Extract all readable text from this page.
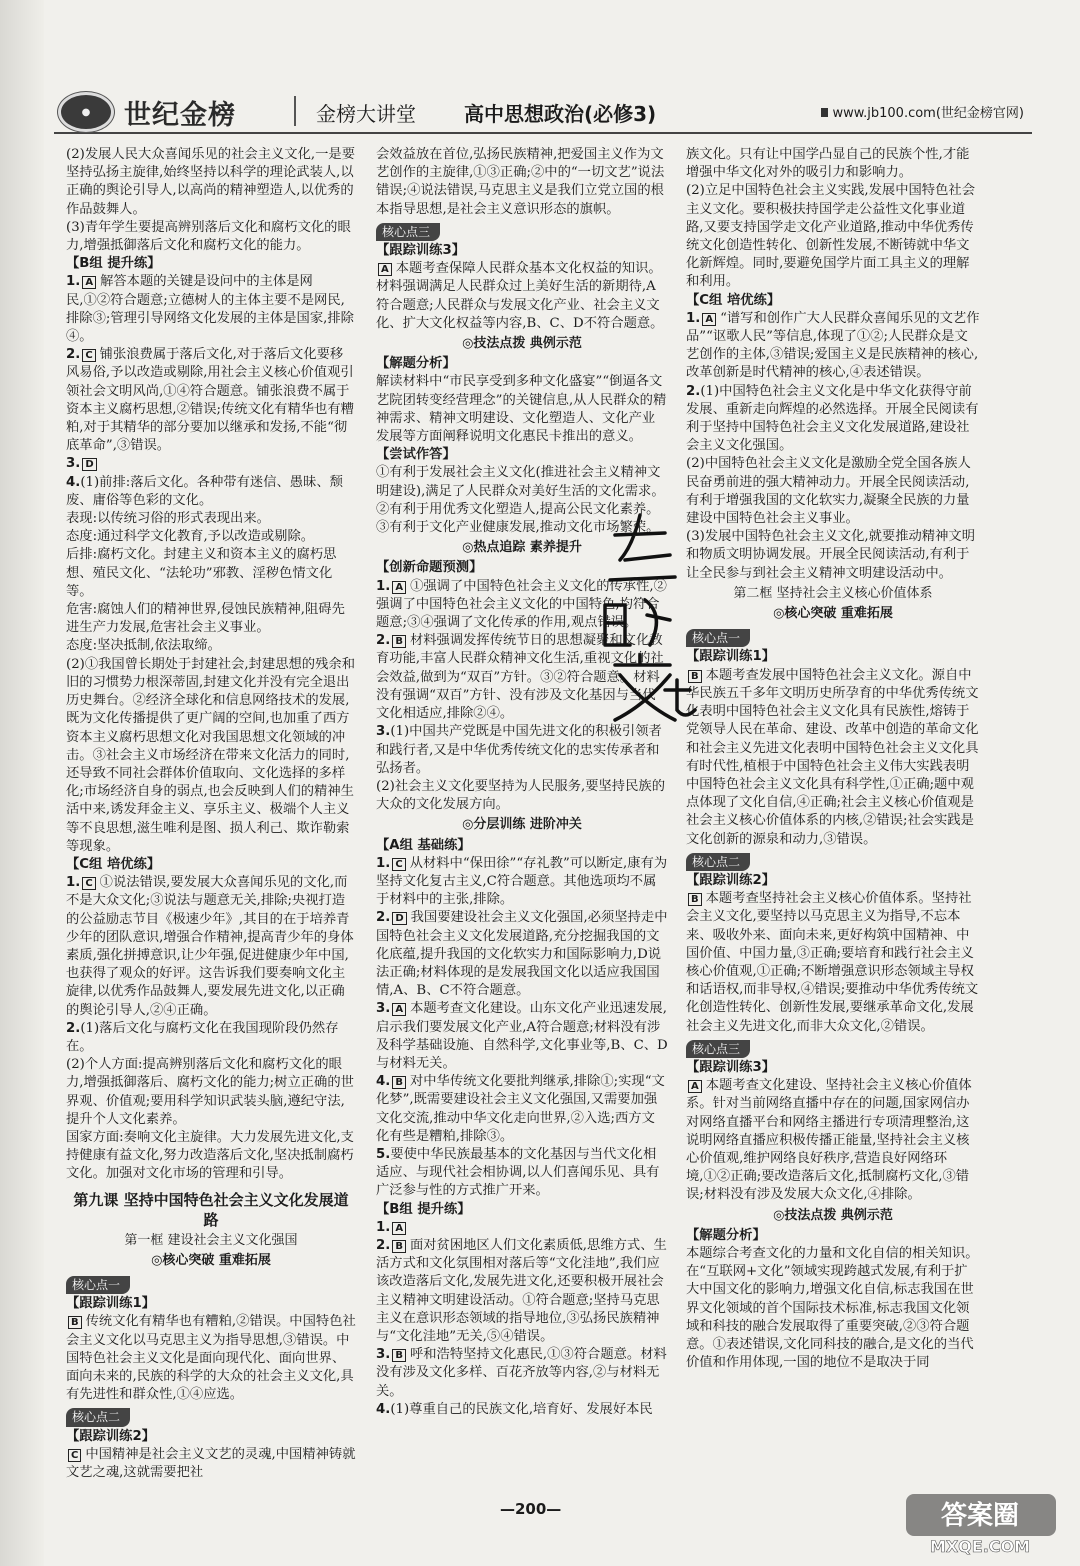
●	世纪金榜	金榜大讲堂 高中思想政治(必修3)	www.jb100.com(世纪金榜官网)

(2)发展人民大众喜闻乐见的社会主义文化,一是要坚持弘扬主旋律,始终坚持以科学的理论武装人,以正确的舆论引导人,以高尚的精神塑造人,以优秀的作品鼓舞人。

(3)青年学生要提高辨别落后文化和腐朽文化的眼力,增强抵御落后文化和腐朽文化的能力。

【B组 提升练】

1. A 解答本题的关键是设问中的主体是网民,①②符合题意;立德树人的主体主要不是网民,排除③;管理引导网络文化发展的主体是国家,排除④。

2. C 铺张浪费属于落后文化,对于落后文化要移风易俗,予以改造或剔除,用社会主义核心价值观引领社会文明风尚,①④符合题意。铺张浪费不属于资本主义腐朽思想,②错误;传统文化有精华也有糟粕,对于其精华的部分要加以继承和发扬,不能“彻底革命”,③错误。

3. D

4.(1)前排:落后文化。各种带有迷信、愚昧、颓废、庸俗等色彩的文化。

表现:以传统习俗的形式表现出来。

态度:通过科学文化教育,予以改造或剔除。

后排:腐朽文化。封建主义和资本主义的腐朽思想、殖民文化、“法轮功”邪教、淫秽色情文化等。

危害:腐蚀人们的精神世界,侵蚀民族精神,阻碍先进生产力发展,危害社会主义事业。

态度:坚决抵制,依法取缔。

(2)①我国曾长期处于封建社会,封建思想的残余和旧的习惯势力根深蒂固,封建文化并没有完全退出历史舞台。②经济全球化和信息网络技术的发展,既为文化传播提供了更广阔的空间,也加重了西方资本主义腐朽思想文化对我国思想文化领域的冲击。③社会主义市场经济在带来文化活力的同时,还导致不同社会群体价值取向、文化选择的多样化;市场经济自身的弱点,也会反映到人们的精神生活中来,诱发拜金主义、享乐主义、极端个人主义等不良思想,滋生唯利是图、损人利己、欺诈勒索等现象。

【C组 培优练】

1. C ①说法错误,要发展大众喜闻乐见的文化,而不是大众文化;③说法与题意无关,排除;央视打造的公益励志节目《极速少年》,其目的在于培养青少年的团队意识,增强合作精神,提高青少年的身体素质,强化拼搏意识,让少年强,促进健康少年中国,也获得了观众的好评。这告诉我们要奏响文化主旋律,以优秀作品鼓舞人,要发展先进文化,以正确的舆论引导人,②④正确。

2.(1)落后文化与腐朽文化在我国现阶段仍然存在。

(2)个人方面:提高辨别落后文化和腐朽文化的眼力,增强抵御落后、腐朽文化的能力;树立正确的世界观、价值观;要用科学知识武装头脑,遵纪守法,提升个人文化素养。

国家方面:奏响文化主旋律。大力发展先进文化,支持健康有益文化,努力改造落后文化,坚决抵制腐朽文化。加强对文化市场的管理和引导。

第九课 坚持中国特色社会主义文化发展道路
第一框 建设社会主义文化强国
◎核心突破 重难拓展
核心点一

【跟踪训练1】

B 传统文化有精华也有糟粕,②错误。中国特色社会主义文化以马克思主义为指导思想,③错误。中国特色社会主义文化是面向现代化、面向世界、面向未来的,民族的科学的大众的社会主义文化,具有先进性和群众性,①④应选。

核心点二

【跟踪训练2】

C 中国精神是社会主义文艺的灵魂,中国精神铸就文艺之魂,这就需要把社

会效益放在首位,弘扬民族精神,把爱国主义作为文艺创作的主旋律,①③正确;②中的“一切文艺”说法错误;④说法错误,马克思主义是我们立党立国的根本指导思想,是社会主义意识形态的旗帜。

核心点三

【跟踪训练3】

A 本题考查保障人民群众基本文化权益的知识。材料强调满足人民群众过上美好生活的新期待,A符合题意;人民群众与发展文化产业、社会主义文化、扩大文化权益等内容,B、C、D不符合题意。

◎技法点拨 典例示范

【解题分析】

解读材料中“市民享受到多种文化盛宴”“倒逼各文艺院团转变经营理念”的关键信息,从人民群众的精神需求、精神文明建设、文化塑造人、文化产业发展等方面阐释说明文化惠民卡推出的意义。

【尝试作答】

①有利于发展社会主义文化(推进社会主义精神文明建设),满足了人民群众对美好生活的文化需求。②有利于用优秀文化塑造人,提高公民文化素养。③有利于文化产业健康发展,推动文化市场繁荣。

◎热点追踪 素养提升

【创新命题预测】

1. A ①强调了中国特色社会主义文化的传承性,②强调了中国特色社会主义文化的中国特色,均符合题意;③④强调了文化传承的作用,观点错误。

2. B 材料强调发挥传统节日的思想凝聚和文化教育功能,丰富人民群众精神文化生活,重视文化的社会效益,做到为“双百”方针。③②符合题意。材料没有强调“双百”方针、没有涉及文化基因与当代文化相适应,排除②④。

3.(1)中国共产党既是中国先进文化的积极引领者和践行者,又是中华优秀传统文化的忠实传承者和弘扬者。

(2)社会主义文化要坚持为人民服务,要坚持民族的大众的文化发展方向。

◎分层训练 进阶冲关

【A组 基础练】

1. C 从材料中“保田徐”“存礼教”可以断定,康有为坚持文化复古主义,C符合题意。其他选项均不属于材料中的主张,排除。

2. D 我国要建设社会主义文化强国,必须坚持走中国特色社会主义文化发展道路,充分挖掘我国的文化底蕴,提升我国的文化软实力和国际影响力,D说法正确;材料体现的是发展我国文化以适应我国国情,A、B、C不符合题意。

3. A 本题考查文化建设。山东文化产业迅速发展,启示我们要发展文化产业,A符合题意;材料没有涉及科学基础设施、自然科学,文化事业等,B、C、D与材料无关。

4. B 对中华传统文化要批判继承,排除①;实现“文化梦”,既需要建设社会主义文化强国,又需要加强文化交流,推动中华文化走向世界,②入选;西方文化有些是糟粕,排除③。

5.要使中华民族最基本的文化基因与当代文化相适应、与现代社会相协调,以人们喜闻乐见、具有广泛参与性的方式推广开来。

【B组 提升练】

1. A

2. B 面对贫困地区人们文化素质低,思维方式、生活方式和文化氛围相对落后等“文化洼地”,我们应该改造落后文化,发展先进文化,还要积极开展社会主义精神文明建设活动。①符合题意;坚持马克思主义在意识形态领域的指导地位,③弘扬民族精神与“文化洼地”无关,⑤④错误。

3. B 呼和浩特坚持文化惠民,①③符合题意。材料没有涉及文化多样、百花齐放等内容,②与材料无关。

4.(1)尊重自己的民族文化,培育好、发展好本民

族文化。只有让中国学凸显自己的民族个性,才能增强中华文化对外的吸引力和影响力。

(2)立足中国特色社会主义实践,发展中国特色社会主义文化。要积极扶持国学走公益性文化事业道路,又要支持国学走文化产业道路,推动中华优秀传统文化创造性转化、创新性发展,不断铸就中华文化新辉煌。同时,要避免国学片面工具主义的理解和利用。

【C组 培优练】

1. A “谱写和创作广大人民群众喜闻乐见的文艺作品”“讴歌人民”等信息,体现了①②;人民群众是文艺创作的主体,③错误;爱国主义是民族精神的核心,改革创新是时代精神的核心,④表述错误。

2.(1)中国特色社会主义文化是中华文化获得守前发展、重新走向辉煌的必然选择。开展全民阅读有利于坚持中国特色社会主义文化发展道路,建设社会主义文化强国。

(2)中国特色社会主义文化是激励全党全国各族人民奋勇前进的强大精神动力。开展全民阅读活动,有利于增强我国的文化软实力,凝聚全民族的力量建设中国特色社会主义事业。

(3)发展中国特色社会主义文化,就要推动精神文明和物质文明协调发展。开展全民阅读活动,有利于让全民参与到社会主义精神文明建设活动中。

第二框 坚持社会主义核心价值体系
◎核心突破 重难拓展
核心点一

【跟踪训练1】

B 本题考查发展中国特色社会主义文化。源自中华民族五千多年文明历史所孕育的中华优秀传统文化表明中国特色社会主义文化具有民族性,熔铸于党领导人民在革命、建设、改革中创造的革命文化和社会主义先进文化表明中国特色社会主义文化具有时代性,植根于中国特色社会主义伟大实践表明中国特色社会主义文化具有科学性,①正确;题中观点体现了文化自信,④正确;社会主义核心价值观是社会主义核心价值体系的内核,②错误;社会实践是文化创新的源泉和动力,③错误。

核心点二

【跟踪训练2】

B 本题考查坚持社会主义核心价值体系。坚持社会主义文化,要坚持以马克思主义为指导,不忘本来、吸收外来、面向未来,更好构筑中国精神、中国价值、中国力量,③正确;要培育和践行社会主义核心价值观,①正确;不断增强意识形态领域主导权和话语权,而非导权,④错误;要推动中华优秀传统文化创造性转化、创新性发展,要继承革命文化,发展社会主义先进文化,而非大众文化,②错误。

核心点三

【跟踪训练3】

A 本题考查文化建设、坚持社会主义核心价值体系。针对当前网络直播中存在的问题,国家网信办对网络直播平台和网络主播进行专项清理整治,这说明网络直播应积极传播正能量,坚持社会主义核心价值观,维护网络良好秩序,营造良好网络环境,①②正确;要改造落后文化,抵制腐朽文化,③错误;材料没有涉及发展大众文化,④排除。

◎技法点拨 典例示范

【解题分析】

本题综合考查文化的力量和文化自信的相关知识。在“互联网+文化”领域实现跨越式发展,有利于扩大中国文化的影响力,增强文化自信,标志我国在世界文化领域的首个国际技术标准,标志我国文化领域和科技的融合发展取得了重要突破,②③符合题意。①表述错误,文化同科技的融合,是文化的当代价值和作用体现,一国的地位不是取决于同

—200—	答案圈
MXQE.COM
